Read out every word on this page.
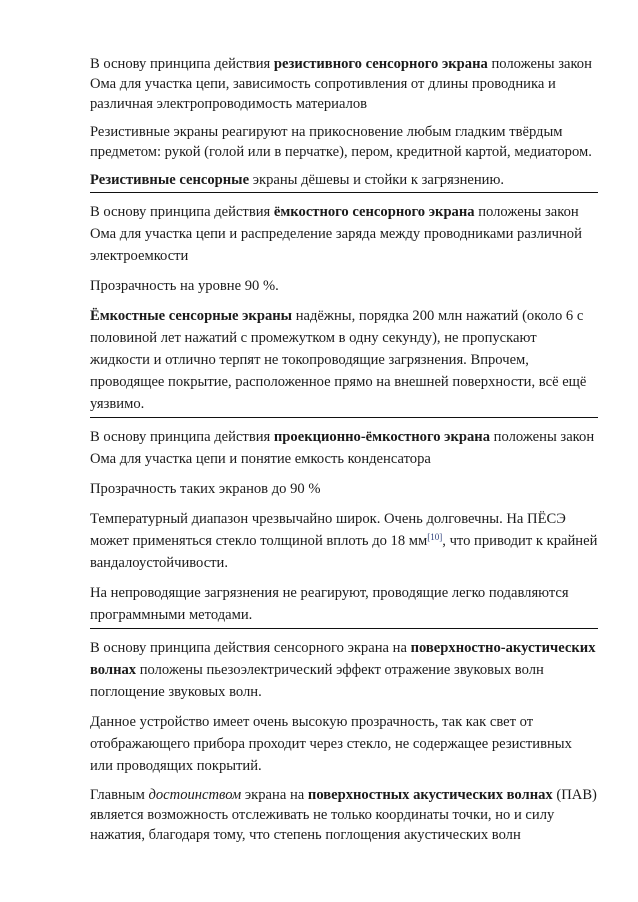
В основу принципа действия резистивного сенсорного экрана положены закон Ома для участка цепи, зависимость сопротивления от длины проводника и различная электропроводимость материалов

Резистивные экраны реагируют на прикосновение любым гладким твёрдым предметом: рукой (голой или в перчатке), пером, кредитной картой, медиатором.

Резистивные сенсорные экраны дёшевы и стойки к загрязнению.

В основу принципа действия ёмкостного сенсорного экрана положены закон Ома для участка цепи и распределение заряда между проводниками различной электроемкости

Прозрачность на уровне 90 %.

Ёмкостные сенсорные экраны надёжны, порядка 200 млн нажатий (около 6 с половиной лет нажатий с промежутком в одну секунду), не пропускают жидкости и отлично терпят не токопроводящие загрязнения. Впрочем, проводящее покрытие, расположенное прямо на внешней поверхности, всё ещё уязвимо.

В основу принципа действия проекционно-ёмкостного экрана положены закон Ома для участка цепи и понятие емкость конденсатора

Прозрачность таких экранов до 90 %

Температурный диапазон чрезвычайно широк. Очень долговечны. На ПЁСЭ может применяться стекло толщиной вплоть до 18 мм[10], что приводит к крайней вандалоустойчивости.

На непроводящие загрязнения не реагируют, проводящие легко подавляются программными методами.

В основу принципа действия сенсорного экрана на поверхностно-акустических волнах положены пьезоэлектрический эффект отражение звуковых волн поглощение звуковых волн.

Данное устройство имеет очень высокую прозрачность, так как свет от отображающего прибора проходит через стекло, не содержащее резистивных или проводящих покрытий.

Главным достоинством экрана на поверхностных акустических волнах (ПАВ) является возможность отслеживать не только координаты точки, но и силу нажатия, благодаря тому, что степень поглощения акустических волн
